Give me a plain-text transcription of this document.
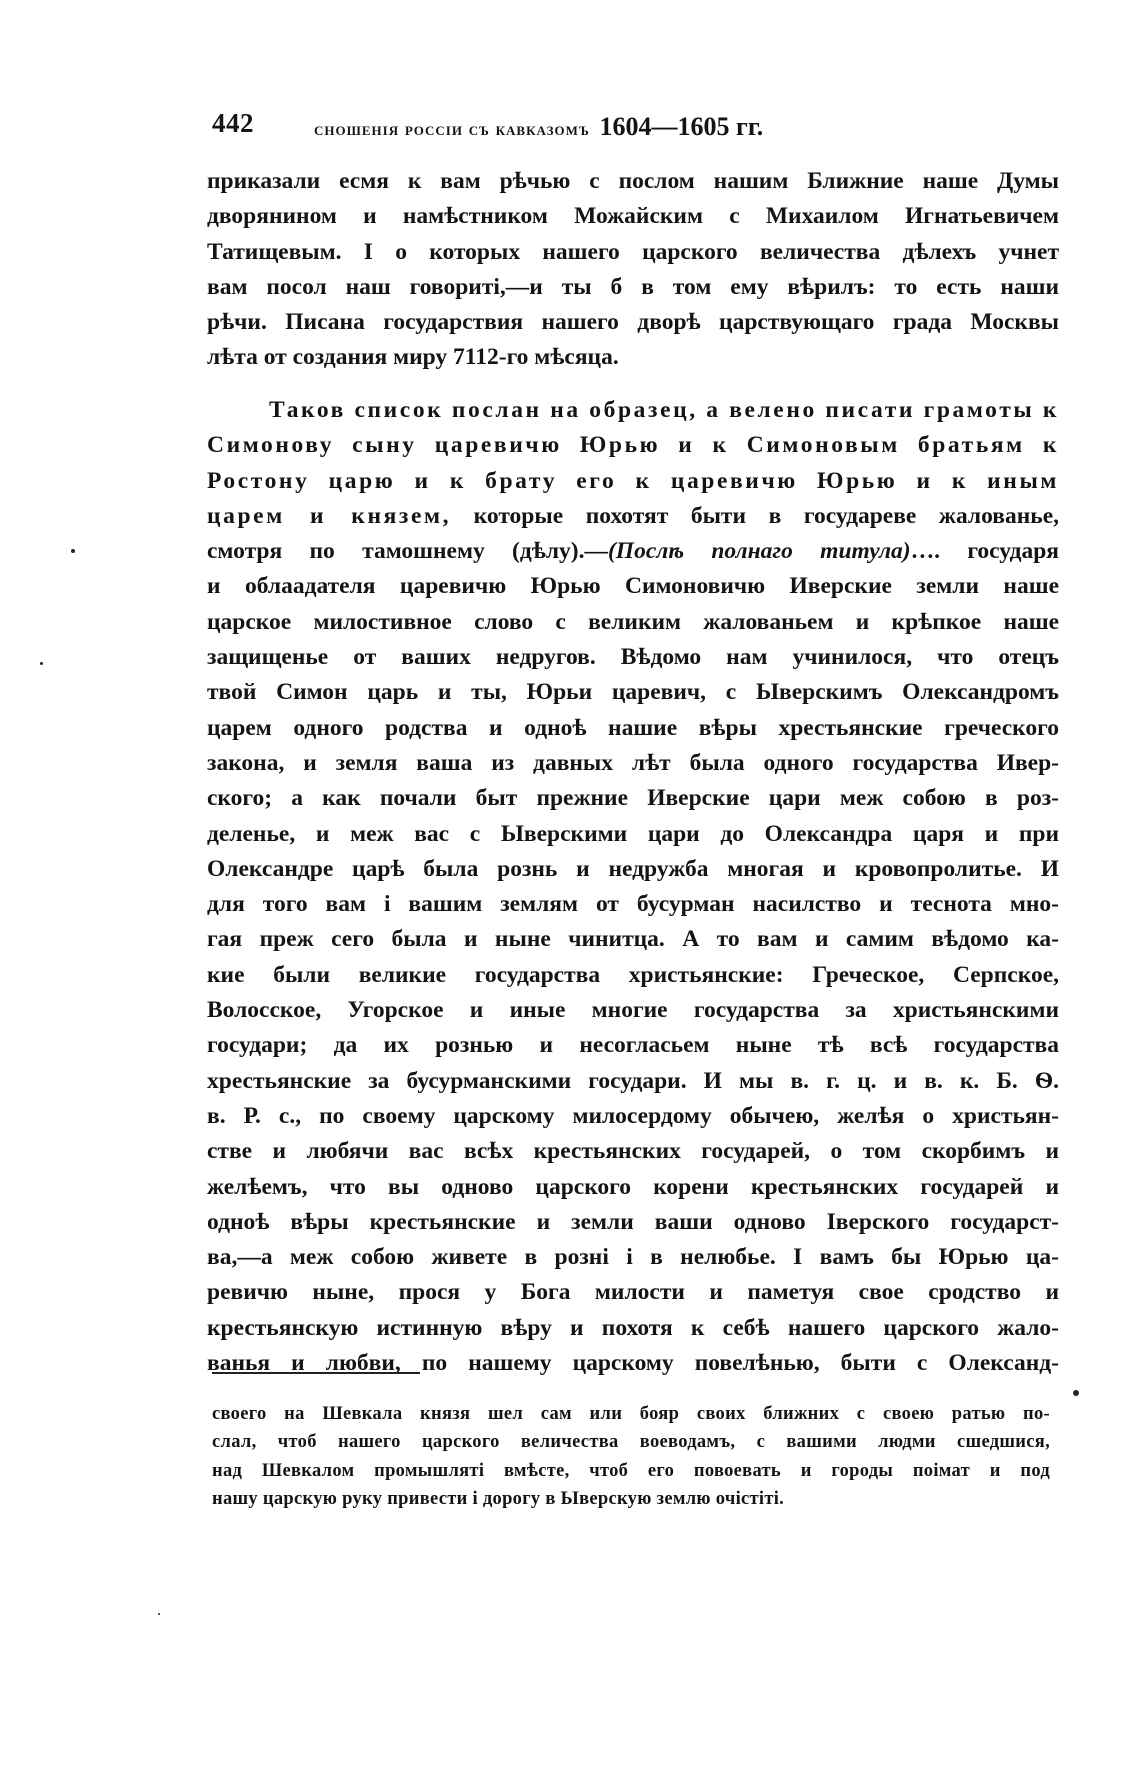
442	сношенія россіи съ кавказомъ 1604—1605 гг.
приказали есмя к вам рѣчью с послом нашим Ближние наше Думы
дворянином и намѣстником Можайским с Михаилом Игнатьевичем
Татищевым. І о которых нашего царского величества дѣлехъ учнет
вам посол наш говориті,—и ты б в том ему вѣрилъ: то есть наши
рѣчи. Писана государствия нашего дворѣ царствующаго града Москвы
лѣта от создания миру 7112-го мѣсяца.
Таков список послан на образец, а велено писати грамоты к
Симонову сыну царевичю Юрью и к Симоновым братьям к
Ростону царю и к брату его к царевичю Юрью и к иным
царем и князем, которые похотят быти в государеве жалованье,
смотря по тамошнему (дѣлу).—(Послѣ полнаго титула)…. государя
и облаадателя царевичю Юрью Симоновичю Иверские земли наше
царское милостивное слово с великим жалованьем и крѣпкое наше
защищенье от ваших недругов. Вѣдомо нам учинилося, что отецъ
твой Симон царь и ты, Юрьи царевич, с Ыверскимъ Олександромъ
царем одного родства и однoѣ нашие вѣры хрестьянские греческого
закона, и земля ваша из давных лѣт была одного государства Ивер-
ского; а как почали быт прежние Иверские цари меж собою в роз-
деленье, и меж вас с Ыверскими цари до Олександра царя и при
Олександре царѣ была рознь и недружба многая и кровопролитье. И
для того вам і вашим землям от бусурман насилство и теснота мно-
гая преж сего была и ныне чинитца. А то вам и самим вѣдомо ка-
кие были великие государства христьянские: Греческое, Серпское,
Волосское, Угорское и иные многие государства за христьянскими
государи; да их рознью и несогласьем ныне тѣ всѣ государства
хрестьянские за бусурманскими государи. И мы в. г. ц. и в. к. Б. Ѳ.
в. Р. с., по своему царскому милосердому обычею, желѣя о христьян-
стве и любячи вас всѣх крестьянских государей, о том скорбимъ и
желѣемъ, что вы одново царского корени крестьянских государей и
однoѣ вѣры крестьянские и земли ваши одново Іверского государст-
ва,—а меж собою живете в розні і в нелюбье. І вамъ бы Юрью ца-
ревичю ныне, прося у Бога милости и паметуя свое сродство и
крестьянскую истинную вѣру и похотя к себѣ нашего царского жало-
ванья и любви, по нашему царскому повелѣнью, быти с Олександ-
своего на Шевкала князя шел сам или бояр своих ближних с своею ратью по-
слал, чтоб нашего царского величества воеводамъ, с вашими людми сшедшися,
над Шевкалом промышляті вмѣсте, чтоб его повоевать и городы поімат и под
нашу царскую руку привести і дорогу в Ыверскую землю очістіті.
